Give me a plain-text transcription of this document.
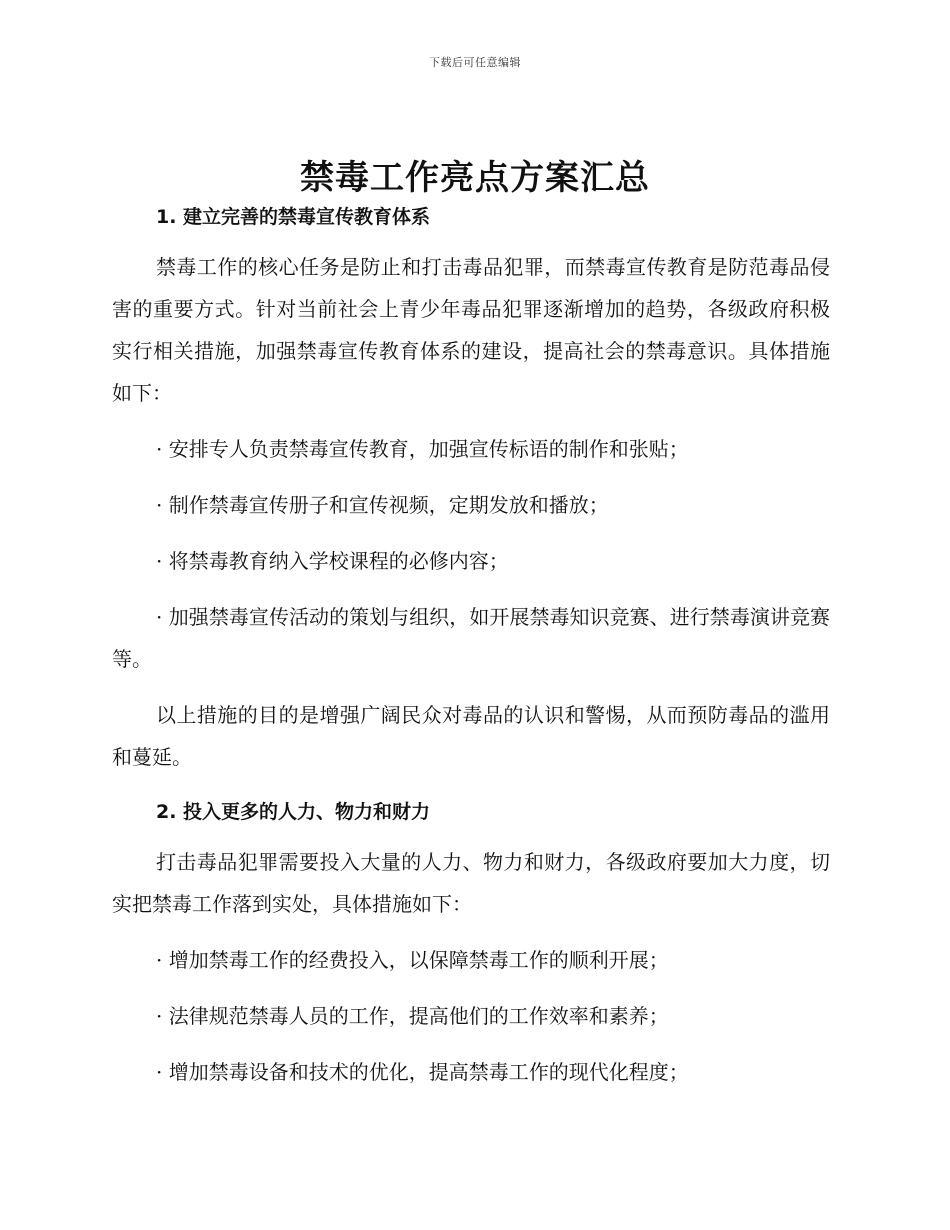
下载后可任意编辑
禁毒工作亮点方案汇总

1. 建立完善的禁毒宣传教育体系

禁毒工作的核心任务是防止和打击毒品犯罪，而禁毒宣传教育是防范毒品侵害的重要方式。针对当前社会上青少年毒品犯罪逐渐增加的趋势，各级政府积极实行相关措施，加强禁毒宣传教育体系的建设，提高社会的禁毒意识。具体措施如下：

· 安排专人负责禁毒宣传教育，加强宣传标语的制作和张贴；

· 制作禁毒宣传册子和宣传视频，定期发放和播放；

· 将禁毒教育纳入学校课程的必修内容；

· 加强禁毒宣传活动的策划与组织，如开展禁毒知识竞赛、进行禁毒演讲竞赛等。

以上措施的目的是增强广阔民众对毒品的认识和警惕，从而预防毒品的滥用和蔓延。

2. 投入更多的人力、物力和财力

打击毒品犯罪需要投入大量的人力、物力和财力，各级政府要加大力度，切实把禁毒工作落到实处，具体措施如下：

· 增加禁毒工作的经费投入，以保障禁毒工作的顺利开展；

· 法律规范禁毒人员的工作，提高他们的工作效率和素养；

· 增加禁毒设备和技术的优化，提高禁毒工作的现代化程度；
